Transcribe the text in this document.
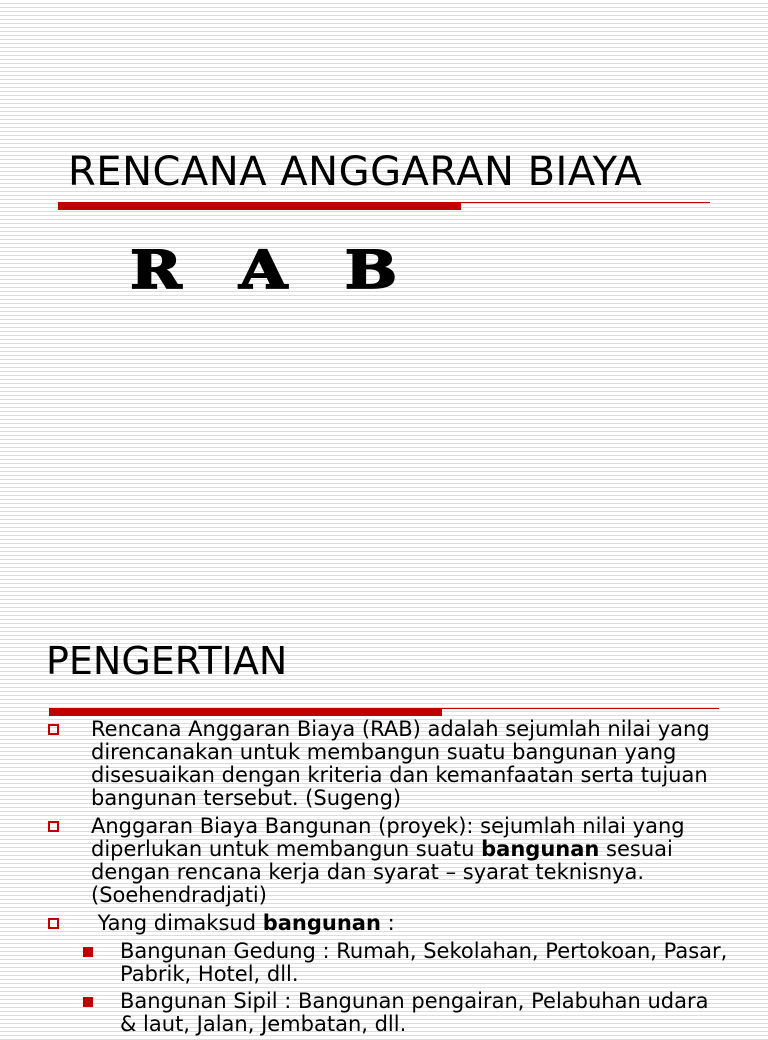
RENCANA ANGGARAN BIAYA
R A B
PENGERTIAN
Rencana Anggaran Biaya (RAB) adalah sejumlah nilai yang direncanakan untuk membangun suatu bangunan yang disesuaikan dengan kriteria dan kemanfaatan serta tujuan bangunan tersebut. (Sugeng)
Anggaran Biaya Bangunan (proyek): sejumlah nilai yang diperlukan untuk membangun suatu bangunan sesuai dengan rencana kerja dan syarat – syarat teknisnya. (Soehendradjati)
Yang dimaksud bangunan :
Bangunan Gedung : Rumah, Sekolahan, Pertokoan, Pasar, Pabrik, Hotel, dll.
Bangunan Sipil : Bangunan pengairan, Pelabuhan udara & laut, Jalan, Jembatan, dll.
